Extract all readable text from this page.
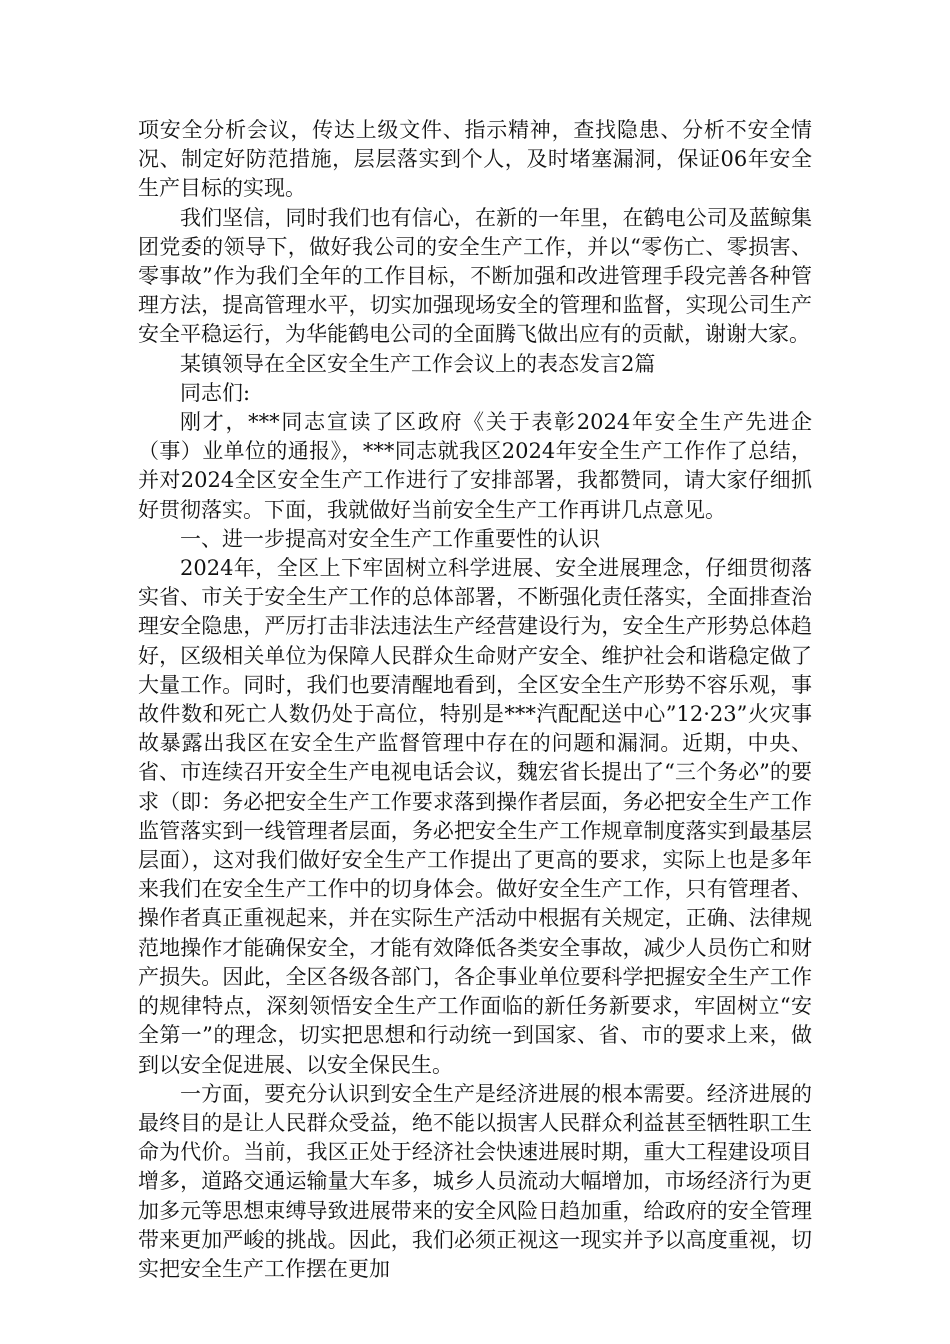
项安全分析会议，传达上级文件、指示精神，查找隐患、分析不安全情况、制定好防范措施，层层落实到个人，及时堵塞漏洞，保证06年安全生产目标的实现。

我们坚信，同时我们也有信心，在新的一年里，在鹤电公司及蓝鲸集团党委的领导下，做好我公司的安全生产工作，并以“零伤亡、零损害、零事故”作为我们全年的工作目标，不断加强和改进管理手段完善各种管理方法，提高管理水平，切实加强现场安全的管理和监督，实现公司生产安全平稳运行，为华能鹤电公司的全面腾飞做出应有的贡献，谢谢大家。

某镇领导在全区安全生产工作会议上的表态发言2篇

同志们:

刚才，***同志宣读了区政府《关于表彰2024年安全生产先进企（事）业单位的通报》，***同志就我区2024年安全生产工作作了总结，并对2024全区安全生产工作进行了安排部署，我都赞同，请大家仔细抓好贯彻落实。下面，我就做好当前安全生产工作再讲几点意见。

一、进一步提高对安全生产工作重要性的认识

2024年，全区上下牢固树立科学进展、安全进展理念，仔细贯彻落实省、市关于安全生产工作的总体部署，不断强化责任落实，全面排查治理安全隐患，严厉打击非法违法生产经营建设行为，安全生产形势总体趋好，区级相关单位为保障人民群众生命财产安全、维护社会和谐稳定做了大量工作。同时，我们也要清醒地看到，全区安全生产形势不容乐观，事故件数和死亡人数仍处于高位，特别是***汽配配送中心”12·23”火灾事故暴露出我区在安全生产监督管理中存在的问题和漏洞。近期，中央、省、市连续召开安全生产电视电话会议，魏宏省长提出了“三个务必”的要求（即：务必把安全生产工作要求落到操作者层面，务必把安全生产工作监管落实到一线管理者层面，务必把安全生产工作规章制度落实到最基层层面），这对我们做好安全生产工作提出了更高的要求，实际上也是多年来我们在安全生产工作中的切身体会。做好安全生产工作，只有管理者、操作者真正重视起来，并在实际生产活动中根据有关规定，正确、法律规范地操作才能确保安全，才能有效降低各类安全事故，减少人员伤亡和财产损失。因此，全区各级各部门，各企事业单位要科学把握安全生产工作的规律特点，深刻领悟安全生产工作面临的新任务新要求，牢固树立“安全第一”的理念，切实把思想和行动统一到国家、省、市的要求上来，做到以安全促进展、以安全保民生。

一方面，要充分认识到安全生产是经济进展的根本需要。经济进展的最终目的是让人民群众受益，绝不能以损害人民群众利益甚至牺牲职工生命为代价。当前，我区正处于经济社会快速进展时期，重大工程建设项目增多，道路交通运输量大车多，城乡人员流动大幅增加，市场经济行为更加多元等思想束缚导致进展带来的安全风险日趋加重，给政府的安全管理带来更加严峻的挑战。因此，我们必须正视这一现实并予以高度重视，切实把安全生产工作摆在更加
